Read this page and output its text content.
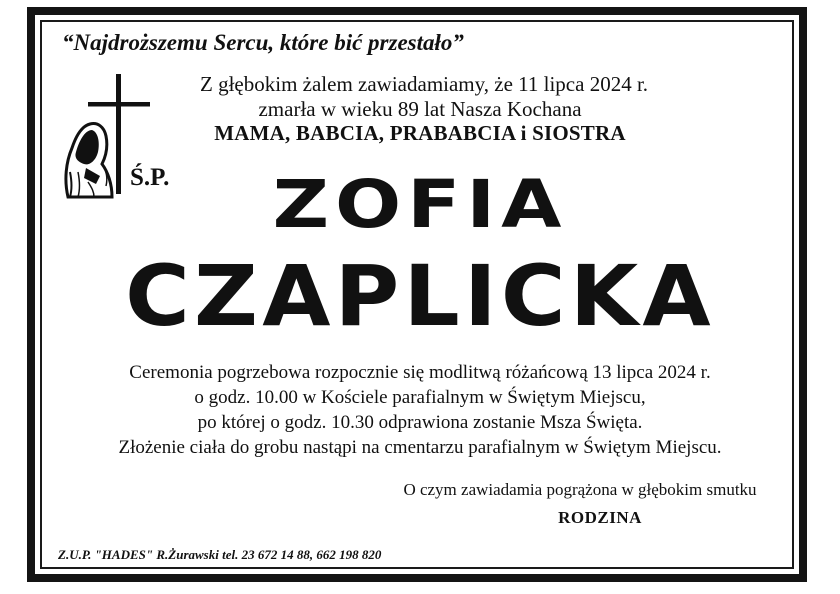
“Najdroższemu Sercu, które bić przestało”
Ś.P.
Z głębokim żalem zawiadamiamy, że 11 lipca 2024 r.
zmarła w wieku 89 lat Nasza Kochana
MAMA, BABCIA, PRABABCIA i SIOSTRA
ZOFIA
CZAPLICKA
Ceremonia pogrzebowa rozpocznie się modlitwą różańcową 13 lipca 2024 r.
o godz. 10.00 w Kościele parafialnym w Świętym Miejscu,
po której o godz. 10.30 odprawiona zostanie Msza Święta.
Złożenie ciała do grobu nastąpi na cmentarzu parafialnym w Świętym Miejscu.
O czym zawiadamia pogrążona w głębokim smutku
RODZINA
Z.U.P. "HADES" R.Żurawski tel. 23 672 14 88, 662 198 820
